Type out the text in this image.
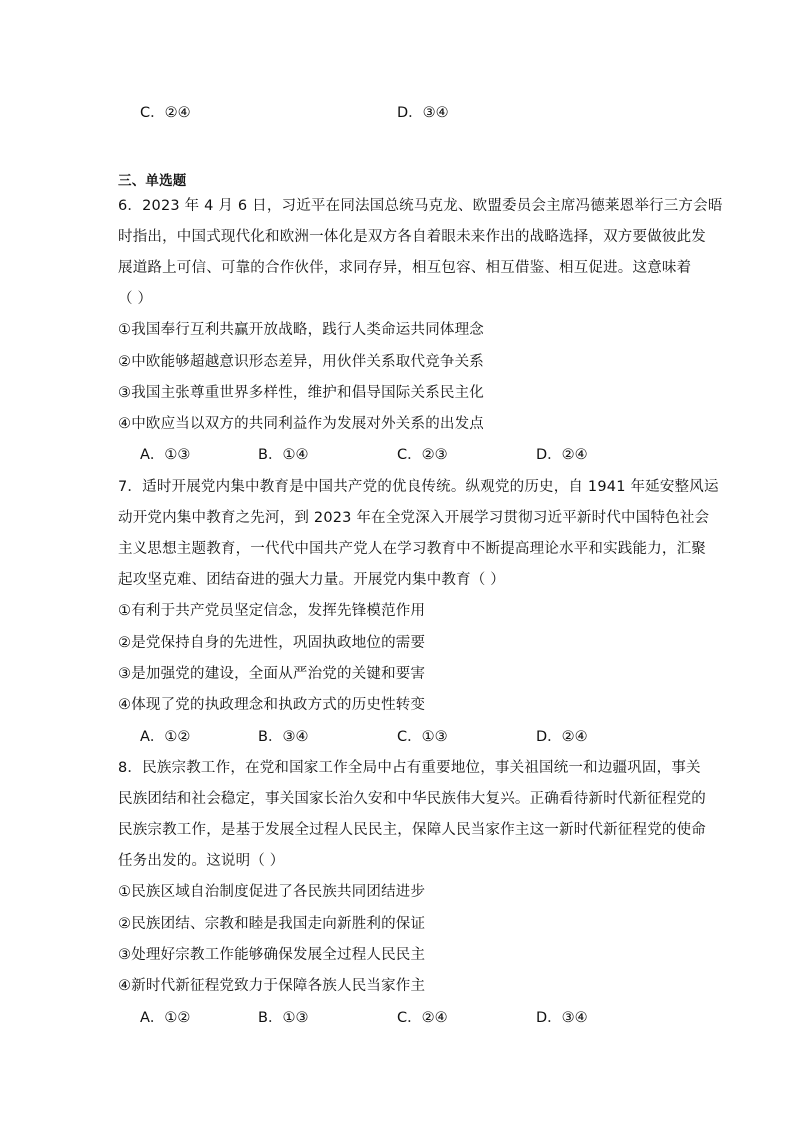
C．②④	D．③④
三、单选题
6．2023 年 4 月 6 日，习近平在同法国总统马克龙、欧盟委员会主席冯德莱恩举行三方会晤
时指出，中国式现代化和欧洲一体化是双方各自着眼未来作出的战略选择，双方要做彼此发
展道路上可信、可靠的合作伙伴，求同存异，相互包容、相互借鉴、相互促进。这意味着
（ ）
①我国奉行互利共赢开放战略，践行人类命运共同体理念
②中欧能够超越意识形态差异，用伙伴关系取代竞争关系
③我国主张尊重世界多样性，维护和倡导国际关系民主化
④中欧应当以双方的共同利益作为发展对外关系的出发点
A．①③	B．①④	C．②③	D．②④
7．适时开展党内集中教育是中国共产党的优良传统。纵观党的历史，自 1941 年延安整风运
动开党内集中教育之先河，到 2023 年在全党深入开展学习贯彻习近平新时代中国特色社会
主义思想主题教育，一代代中国共产党人在学习教育中不断提高理论水平和实践能力，汇聚
起攻坚克难、团结奋进的强大力量。开展党内集中教育（ ）
①有利于共产党员坚定信念，发挥先锋模范作用
②是党保持自身的先进性，巩固执政地位的需要
③是加强党的建设，全面从严治党的关键和要害
④体现了党的执政理念和执政方式的历史性转变
A．①②	B．③④	C．①③	D．②④
8．民族宗教工作，在党和国家工作全局中占有重要地位，事关祖国统一和边疆巩固，事关
民族团结和社会稳定，事关国家长治久安和中华民族伟大复兴。正确看待新时代新征程党的
民族宗教工作，是基于发展全过程人民民主，保障人民当家作主这一新时代新征程党的使命
任务出发的。这说明（ ）
①民族区域自治制度促进了各民族共同团结进步
②民族团结、宗教和睦是我国走向新胜利的保证
③处理好宗教工作能够确保发展全过程人民民主
④新时代新征程党致力于保障各族人民当家作主
A．①②	B．①③	C．②④	D．③④
